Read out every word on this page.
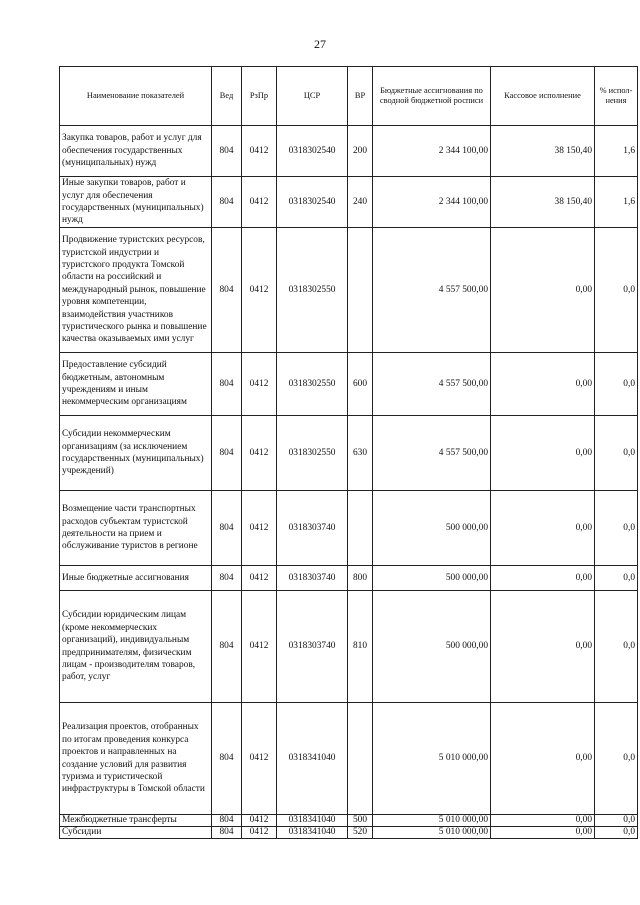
27
Наименование показателей	Вед	РзПр	ЦСР	ВР	Бюджетные ассигнования по сводной бюджетной росписи	Кассовое исполнение	% испол-нения
Закупка товаров, работ и услуг для обеспечения государственных (муниципальных) нужд	804	0412	0318302540	200	2 344 100,00	38 150,40	1,6
Иные закупки товаров, работ и услуг для обеспечения государственных (муниципальных) нужд	804	0412	0318302540	240	2 344 100,00	38 150,40	1,6
Продвижение туристских ресурсов, туристской индустрии и туристского продукта Томской области на российский и международный рынок, повышение уровня компетенции, взаимодействия участников туристического рынка и повышение качества оказываемых ими услуг	804	0412	0318302550		4 557 500,00	0,00	0,0
Предоставление субсидий бюджетным, автономным учреждениям и иным некоммерческим организациям	804	0412	0318302550	600	4 557 500,00	0,00	0,0
Субсидии некоммерческим организациям (за исключением государственных (муниципальных) учреждений)	804	0412	0318302550	630	4 557 500,00	0,00	0,0
Возмещение части транспортных расходов субъектам туристской деятельности на прием и обслуживание туристов в регионе	804	0412	0318303740		500 000,00	0,00	0,0
Иные бюджетные ассигнования	804	0412	0318303740	800	500 000,00	0,00	0,0
Субсидии юридическим лицам (кроме некоммерческих организаций), индивидуальным предпринимателям, физическим лицам - производителям товаров, работ, услуг	804	0412	0318303740	810	500 000,00	0,00	0,0
Реализация проектов, отобранных по итогам проведения конкурса проектов и направленных на создание условий для развития туризма и туристической инфраструктуры в Томской области	804	0412	0318341040		5 010 000,00	0,00	0,0
Межбюджетные трансферты	804	0412	0318341040	500	5 010 000,00	0,00	0,0
Субсидии	804	0412	0318341040	520	5 010 000,00	0,00	0,0
